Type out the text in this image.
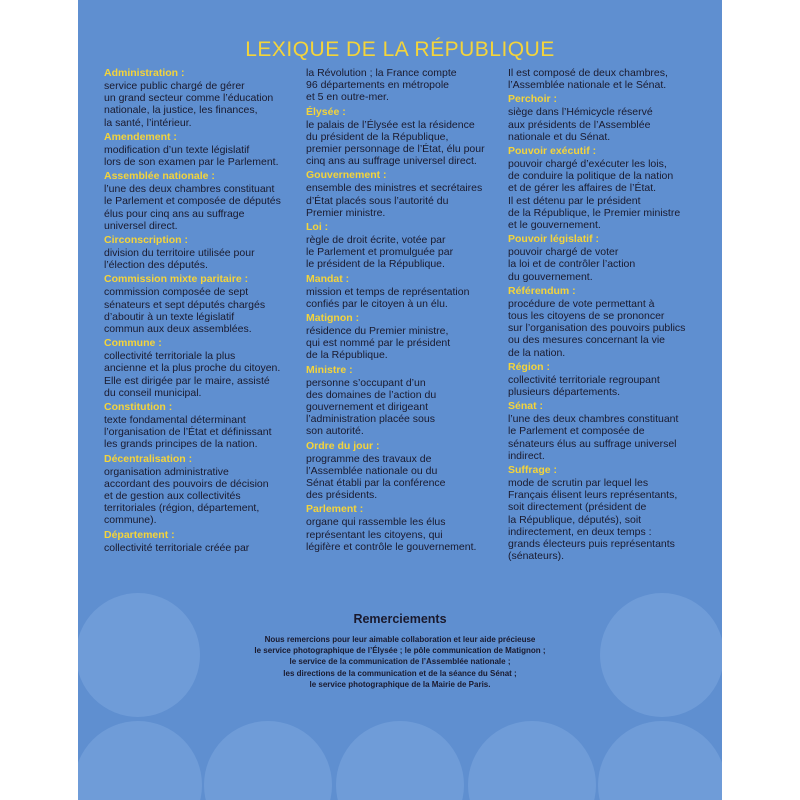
LEXIQUE DE LA RÉPUBLIQUE
Administration :
service public chargé de gérer
un grand secteur comme l’éducation
nationale, la justice, les finances,
la santé, l’intérieur.
Amendement :
modification d’un texte législatif
lors de son examen par le Parlement.
Assemblée nationale :
l’une des deux chambres constituant
le Parlement et composée de députés
élus pour cinq ans au suffrage
universel direct.
Circonscription :
division du territoire utilisée pour
l’élection des députés.
Commission mixte paritaire :
commission composée de sept
sénateurs et sept députés chargés
d’aboutir à un texte législatif
commun aux deux assemblées.
Commune :
collectivité territoriale la plus
ancienne et la plus proche du citoyen.
Elle est dirigée par le maire, assisté
du conseil municipal.
Constitution :
texte fondamental déterminant
l’organisation de l’État et définissant
les grands principes de la nation.
Décentralisation :
organisation administrative
accordant des pouvoirs de décision
et de gestion aux collectivités
territoriales (région, département,
commune).
Département :
collectivité territoriale créée par
la Révolution ; la France compte
96 départements en métropole
et 5 en outre-mer.
Élysée :
le palais de l’Élysée est la résidence
du président de la République,
premier personnage de l’État, élu pour
cinq ans au suffrage universel direct.
Gouvernement :
ensemble des ministres et secrétaires
d’État placés sous l’autorité du
Premier ministre.
Loi :
règle de droit écrite, votée par
le Parlement et promulguée par
le président de la République.
Mandat :
mission et temps de représentation
confiés par le citoyen à un élu.
Matignon :
résidence du Premier ministre,
qui est nommé par le président
de la République.
Ministre :
personne s’occupant d’un
des domaines de l’action du
gouvernement et dirigeant
l’administration placée sous
son autorité.
Ordre du jour :
programme des travaux de
l’Assemblée nationale ou du
Sénat établi par la conférence
des présidents.
Parlement :
organe qui rassemble les élus
représentant les citoyens, qui
légifère et contrôle le gouvernement.
Il est composé de deux chambres,
l’Assemblée nationale et le Sénat.
Perchoir :
siège dans l’Hémicycle réservé
aux présidents de l’Assemblée
nationale et du Sénat.
Pouvoir exécutif :
pouvoir chargé d’exécuter les lois,
de conduire la politique de la nation
et de gérer les affaires de l’État.
Il est détenu par le président
de la République, le Premier ministre
et le gouvernement.
Pouvoir législatif :
pouvoir chargé de voter
la loi et de contrôler l’action
du gouvernement.
Référendum :
procédure de vote permettant à
tous les citoyens de se prononcer
sur l’organisation des pouvoirs publics
ou des mesures concernant la vie
de la nation.
Région :
collectivité territoriale regroupant
plusieurs départements.
Sénat :
l’une des deux chambres constituant
le Parlement et composée de
sénateurs élus au suffrage universel
indirect.
Suffrage :
mode de scrutin par lequel les
Français élisent leurs représentants,
soit directement (président de
la République, députés), soit
indirectement, en deux temps :
grands électeurs puis représentants
(sénateurs).
Remerciements
Nous remercions pour leur aimable collaboration et leur aide précieuse
le service photographique de l’Élysée ; le pôle communication de Matignon ;
le service de la communication de l’Assemblée nationale ;
les directions de la communication et de la séance du Sénat ;
le service photographique de la Mairie de Paris.
